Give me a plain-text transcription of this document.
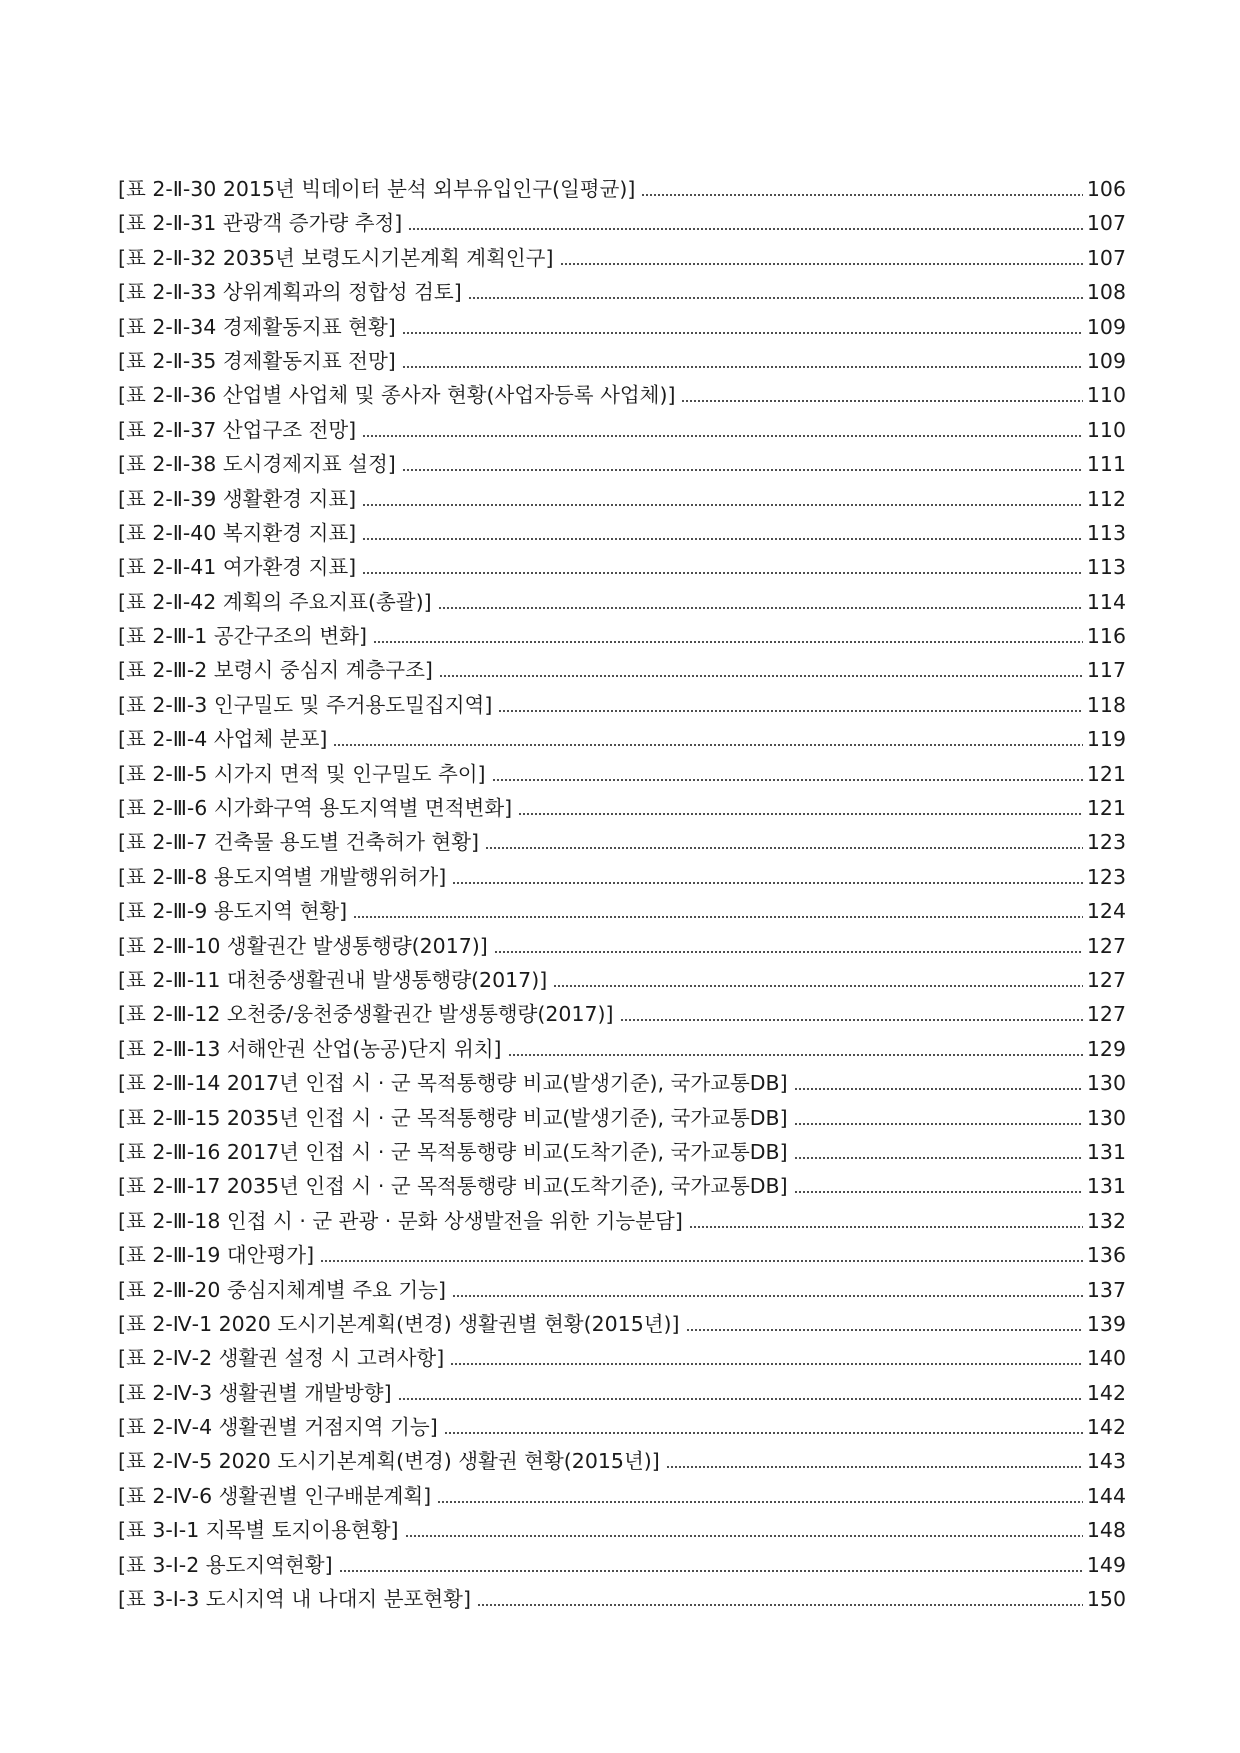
[표 2-Ⅱ-30 2015년 빅데이터 분석 외부유입인구(일평균)]	106
[표 2-Ⅱ-31 관광객 증가량 추정]	107
[표 2-Ⅱ-32 2035년 보령도시기본계획 계획인구]	107
[표 2-Ⅱ-33 상위계획과의 정합성 검토]	108
[표 2-Ⅱ-34 경제활동지표 현황]	109
[표 2-Ⅱ-35 경제활동지표 전망]	109
[표 2-Ⅱ-36 산업별 사업체 및 종사자 현황(사업자등록 사업체)]	110
[표 2-Ⅱ-37 산업구조 전망]	110
[표 2-Ⅱ-38 도시경제지표 설정]	111
[표 2-Ⅱ-39 생활환경 지표]	112
[표 2-Ⅱ-40 복지환경 지표]	113
[표 2-Ⅱ-41 여가환경 지표]	113
[표 2-Ⅱ-42 계획의 주요지표(총괄)]	114
[표 2-Ⅲ-1 공간구조의 변화]	116
[표 2-Ⅲ-2 보령시 중심지 계층구조]	117
[표 2-Ⅲ-3 인구밀도 및 주거용도밀집지역]	118
[표 2-Ⅲ-4 사업체 분포]	119
[표 2-Ⅲ-5 시가지 면적 및 인구밀도 추이]	121
[표 2-Ⅲ-6 시가화구역 용도지역별 면적변화]	121
[표 2-Ⅲ-7 건축물 용도별 건축허가 현황]	123
[표 2-Ⅲ-8 용도지역별 개발행위허가]	123
[표 2-Ⅲ-9 용도지역 현황]	124
[표 2-Ⅲ-10 생활권간 발생통행량(2017)]	127
[표 2-Ⅲ-11 대천중생활권내 발생통행량(2017)]	127
[표 2-Ⅲ-12 오천중/웅천중생활권간 발생통행량(2017)]	127
[표 2-Ⅲ-13 서해안권 산업(농공)단지 위치]	129
[표 2-Ⅲ-14 2017년 인접 시 · 군 목적통행량 비교(발생기준), 국가교통DB]	130
[표 2-Ⅲ-15 2035년 인접 시 · 군 목적통행량 비교(발생기준), 국가교통DB]	130
[표 2-Ⅲ-16 2017년 인접 시 · 군 목적통행량 비교(도착기준), 국가교통DB]	131
[표 2-Ⅲ-17 2035년 인접 시 · 군 목적통행량 비교(도착기준), 국가교통DB]	131
[표 2-Ⅲ-18 인접 시 · 군 관광 · 문화 상생발전을 위한 기능분담]	132
[표 2-Ⅲ-19 대안평가]	136
[표 2-Ⅲ-20 중심지체계별 주요 기능]	137
[표 2-Ⅳ-1 2020 도시기본계획(변경) 생활권별 현황(2015년)]	139
[표 2-Ⅳ-2 생활권 설정 시 고려사항]	140
[표 2-Ⅳ-3 생활권별 개발방향]	142
[표 2-Ⅳ-4 생활권별 거점지역 기능]	142
[표 2-Ⅳ-5 2020 도시기본계획(변경) 생활권 현황(2015년)]	143
[표 2-Ⅳ-6 생활권별 인구배분계획]	144
[표 3-Ⅰ-1 지목별 토지이용현황]	148
[표 3-Ⅰ-2 용도지역현황]	149
[표 3-Ⅰ-3 도시지역 내 나대지 분포현황]	150
